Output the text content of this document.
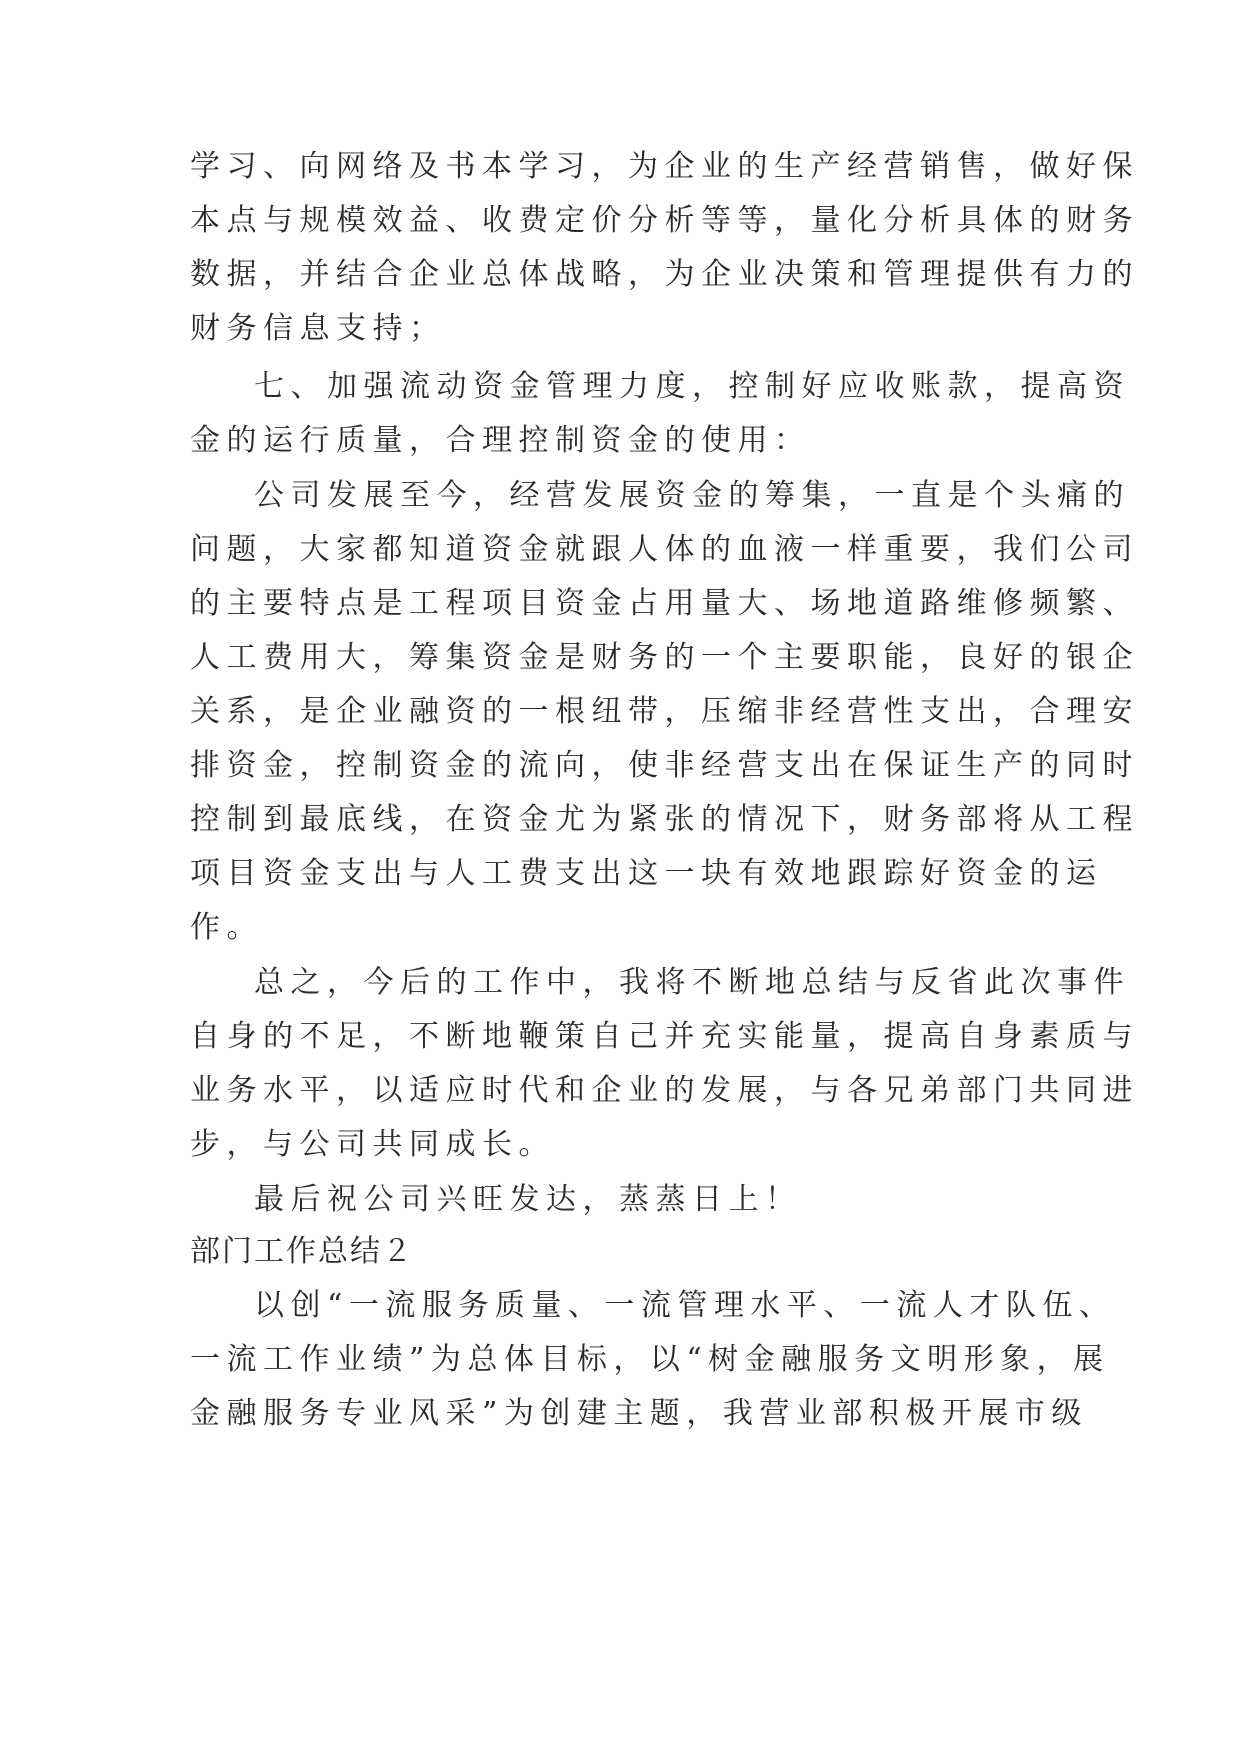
学习、向网络及书本学习，为企业的生产经营销售，做好保
本点与规模效益、收费定价分析等等，量化分析具体的财务
数据，并结合企业总体战略，为企业决策和管理提供有力的
财务信息支持；
七、加强流动资金管理力度，控制好应收账款，提高资
金的运行质量，合理控制资金的使用：
公司发展至今，经营发展资金的筹集，一直是个头痛的
问题，大家都知道资金就跟人体的血液一样重要，我们公司
的主要特点是工程项目资金占用量大、场地道路维修频繁、
人工费用大，筹集资金是财务的一个主要职能，良好的银企
关系，是企业融资的一根纽带，压缩非经营性支出，合理安
排资金，控制资金的流向，使非经营支出在保证生产的同时
控制到最底线，在资金尤为紧张的情况下，财务部将从工程
项目资金支出与人工费支出这一块有效地跟踪好资金的运
作。
总之，今后的工作中，我将不断地总结与反省此次事件
自身的不足，不断地鞭策自己并充实能量，提高自身素质与
业务水平，以适应时代和企业的发展，与各兄弟部门共同进
步，与公司共同成长。
最后祝公司兴旺发达，蒸蒸日上！
部门工作总结２
以创“一流服务质量、一流管理水平、一流人才队伍、
一流工作业绩”为总体目标，以“树金融服务文明形象，展
金融服务专业风采”为创建主题，我营业部积极开展市级
